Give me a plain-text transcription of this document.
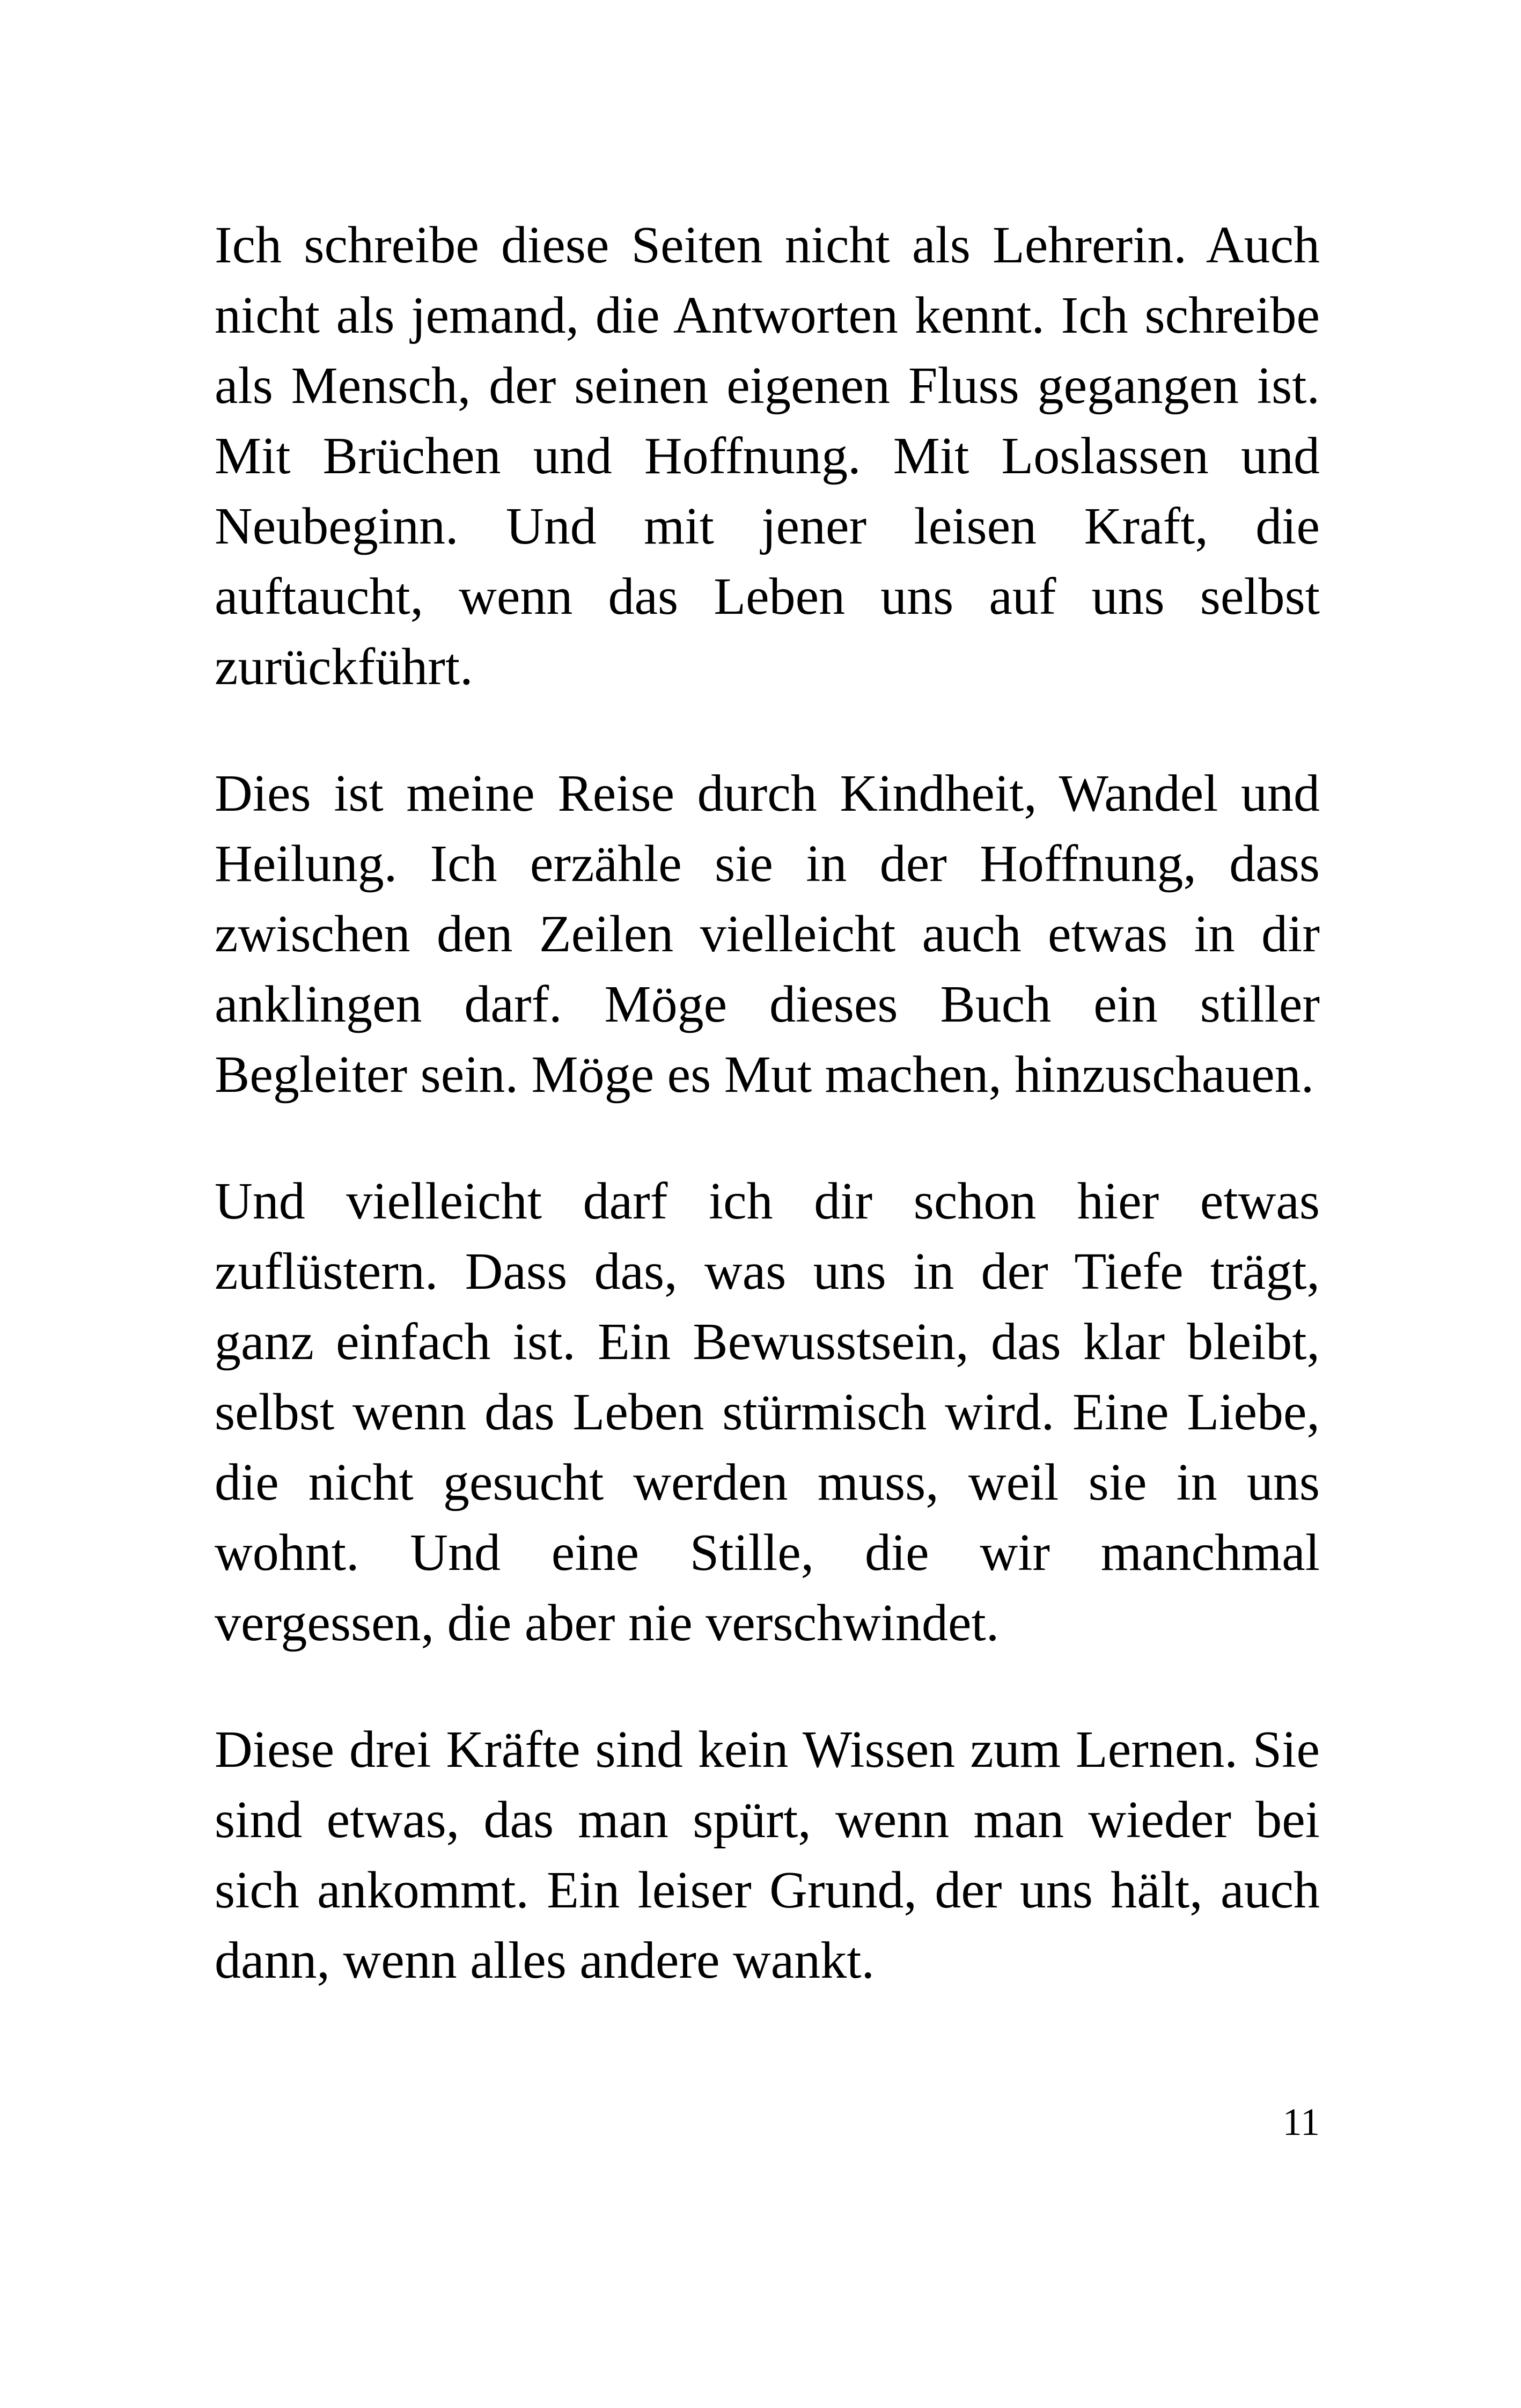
Ich schreibe diese Seiten nicht als Lehrerin. Auch nicht als jemand, die Antworten kennt. Ich schreibe als Mensch, der seinen eigenen Fluss gegangen ist. Mit Brüchen und Hoffnung. Mit Loslassen und Neubeginn. Und mit jener leisen Kraft, die auftaucht, wenn das Leben uns auf uns selbst zurückführt.

Dies ist meine Reise durch Kindheit, Wandel und Heilung. Ich erzähle sie in der Hoffnung, dass zwischen den Zeilen vielleicht auch etwas in dir anklingen darf. Möge dieses Buch ein stiller Begleiter sein. Möge es Mut machen, hinzuschauen.

Und vielleicht darf ich dir schon hier etwas zuflüstern. Dass das, was uns in der Tiefe trägt, ganz einfach ist. Ein Bewusstsein, das klar bleibt, selbst wenn das Leben stürmisch wird. Eine Liebe, die nicht gesucht werden muss, weil sie in uns wohnt. Und eine Stille, die wir manchmal vergessen, die aber nie verschwindet.

Diese drei Kräfte sind kein Wissen zum Lernen. Sie sind etwas, das man spürt, wenn man wieder bei sich ankommt. Ein leiser Grund, der uns hält, auch dann, wenn alles andere wankt.

11
